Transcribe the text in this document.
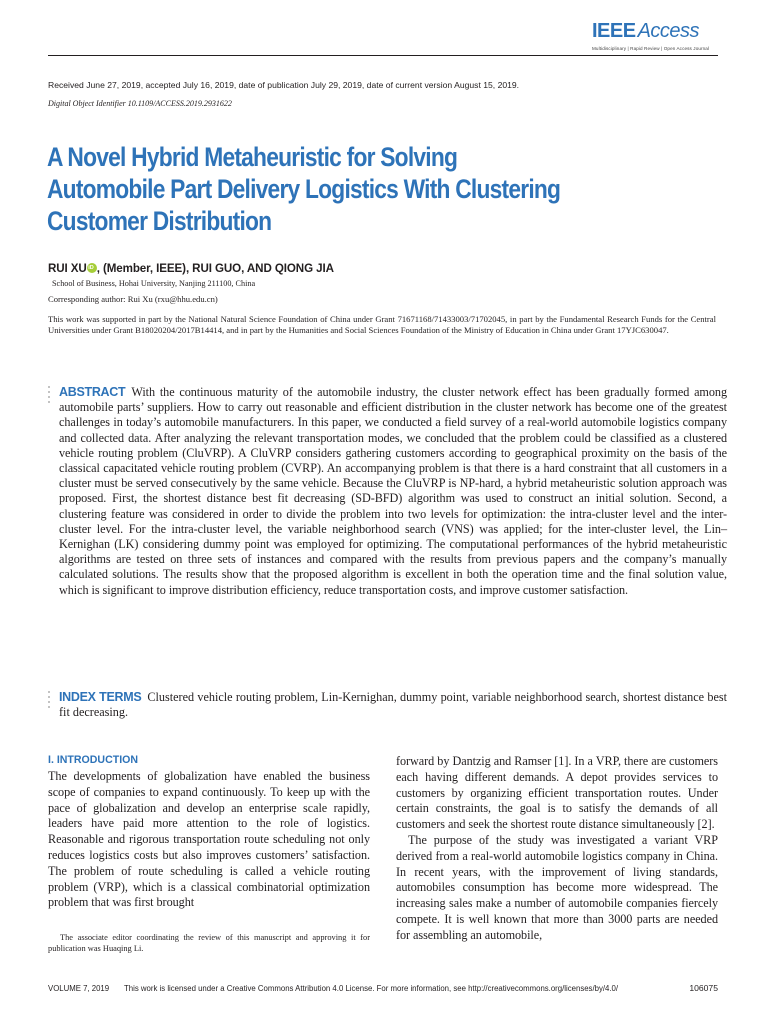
IEEE Access
Multidisciplinary | Rapid Review | Open Access Journal
Received June 27, 2019, accepted July 16, 2019, date of publication July 29, 2019, date of current version August 15, 2019.
Digital Object Identifier 10.1109/ACCESS.2019.2931622
A Novel Hybrid Metaheuristic for Solving Automobile Part Delivery Logistics With Clustering Customer Distribution
RUI XUiD , (Member, IEEE), RUI GUO, AND QIONG JIA
School of Business, Hohai University, Nanjing 211100, China
Corresponding author: Rui Xu (rxu@hhu.edu.cn)
This work was supported in part by the National Natural Science Foundation of China under Grant 71671168/71433003/71702045, in part by the Fundamental Research Funds for the Central Universities under Grant B18020204/2017B14414, and in part by the Humanities and Social Sciences Foundation of the Ministry of Education in China under Grant 17YJC630047.
ABSTRACT With the continuous maturity of the automobile industry, the cluster network effect has been gradually formed among automobile parts’ suppliers. How to carry out reasonable and efficient distribution in the cluster network has become one of the greatest challenges in today’s automobile manufacturers. In this paper, we conducted a field survey of a real-world automobile logistics company and collected data. After analyzing the relevant transportation modes, we concluded that the problem could be classified as a clustered vehicle routing problem (CluVRP). A CluVRP considers gathering customers according to geographical proximity on the basis of the classical capacitated vehicle routing problem (CVRP). An accompanying problem is that there is a hard constraint that all customers in a cluster must be served consecutively by the same vehicle. Because the CluVRP is NP-hard, a hybrid metaheuristic solution approach was proposed. First, the shortest distance best fit decreasing (SD-BFD) algorithm was used to construct an initial solution. Second, a clustering feature was considered in order to divide the problem into two levels for optimization: the intra-cluster level and the inter-cluster level. For the intra-cluster level, the variable neighborhood search (VNS) was applied; for the inter-cluster level, the Lin–Kernighan (LK) considering dummy point was employed for optimizing. The computational performances of the hybrid metaheuristic algorithms are tested on three sets of instances and compared with the results from previous papers and the company’s manually calculated solutions. The results show that the proposed algorithm is excellent in both the operation time and the final solution value, which is significant to improve distribution efficiency, reduce transportation costs, and improve customer satisfaction.
INDEX TERMS Clustered vehicle routing problem, Lin-Kernighan, dummy point, variable neighborhood search, shortest distance best fit decreasing.
I. INTRODUCTION
The developments of globalization have enabled the business scope of companies to expand continuously. To keep up with the pace of globalization and develop an enterprise scale rapidly, leaders have paid more attention to the role of logistics. Reasonable and rigorous transportation route scheduling not only reduces logistics costs but also improves customers’ satisfaction. The problem of route scheduling is called a vehicle routing problem (VRP), which is a classical combinatorial optimization problem that was first brought

forward by Dantzig and Ramser [1]. In a VRP, there are customers each having different demands. A depot provides services to customers by organizing efficient transportation routes. Under certain constraints, the goal is to satisfy the demands of all customers and seek the shortest route distance simultaneously [2].

The purpose of the study was investigated a variant VRP derived from a real-world automobile logistics company in China. In recent years, with the improvement of living standards, automobiles consumption has become more widespread. The increasing sales make a number of automobile companies fiercely compete. It is well known that more than 3000 parts are needed for assembling an automobile,

The associate editor coordinating the review of this manuscript and approving it for publication was Huaqing Li.
VOLUME 7, 2019 This work is licensed under a Creative Commons Attribution 4.0 License. For more information, see http://creativecommons.org/licenses/by/4.0/	106075
